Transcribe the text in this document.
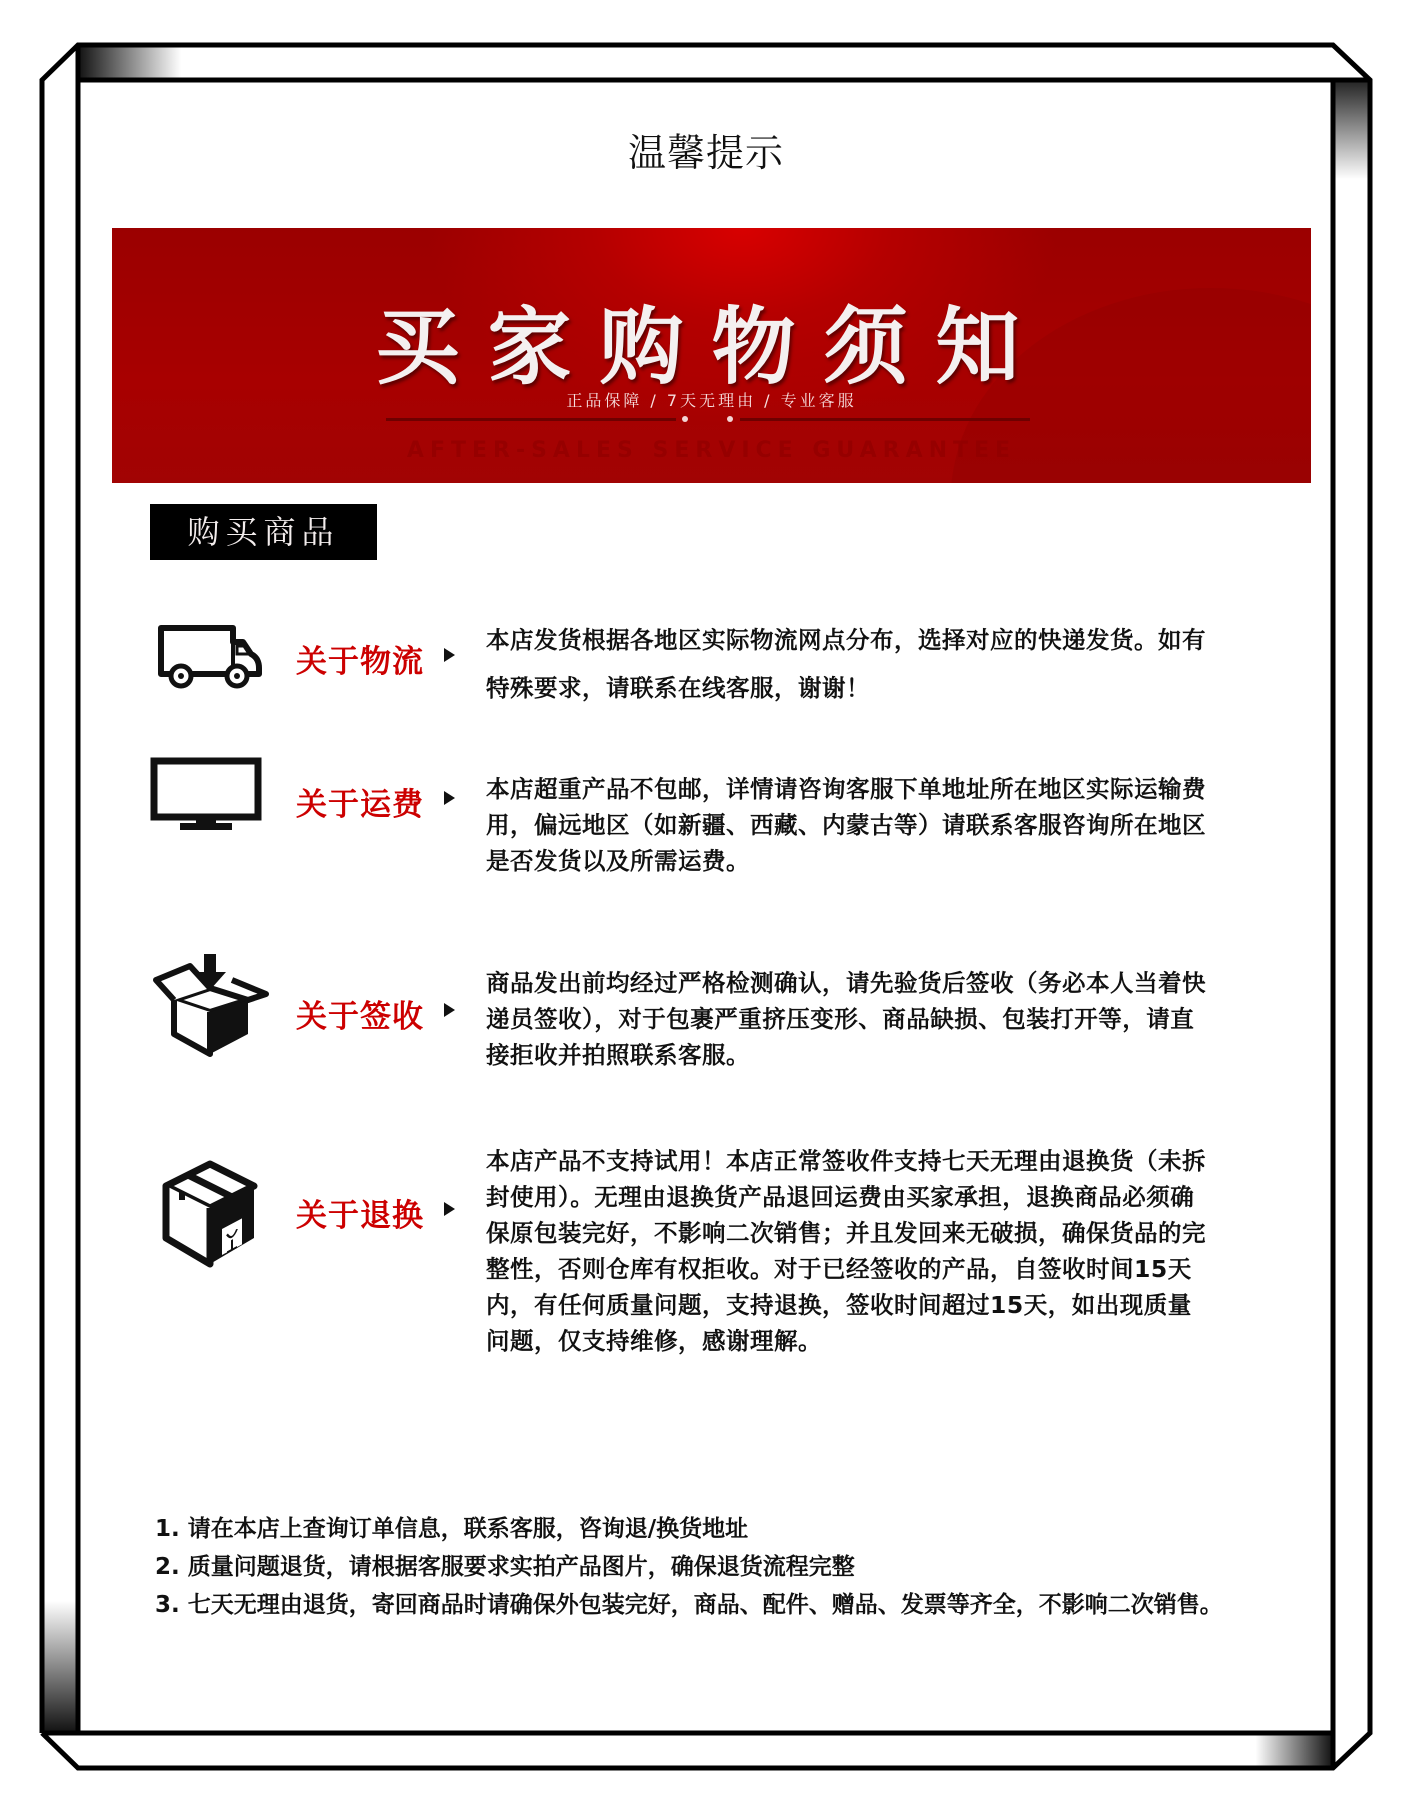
温馨提示
买家购物须知
正品保障 / 7天无理由 / 专业客服
AFTER-SALES SERVICE GUARANTEE
购买商品
关于物流
本店发货根据各地区实际物流网点分布，选择对应的快递发货。如有特殊要求，请联系在线客服，谢谢！
关于运费	本店超重产品不包邮，详情请咨询客服下单地址所在地区实际运输费用，偏远地区（如新疆、西藏、内蒙古等）请联系客服咨询所在地区是否发货以及所需运费。
关于签收
商品发出前均经过严格检测确认，请先验货后签收（务必本人当着快递员签收），对于包裹严重挤压变形、商品缺损、包装打开等，请直接拒收并拍照联系客服。
关于退换
本店产品不支持试用！本店正常签收件支持七天无理由退换货（未拆封使用）。无理由退换货产品退回运费由买家承担，退换商品必须确保原包装完好，不影响二次销售；并且发回来无破损，确保货品的完整性，否则仓库有权拒收。对于已经签收的产品，自签收时间15天内，有任何质量问题，支持退换，签收时间超过15天，如出现质量问题，仅支持维修，感谢理解。

1. 请在本店上查询订单信息，联系客服，咨询退/换货地址

2. 质量问题退货，请根据客服要求实拍产品图片，确保退货流程完整

3. 七天无理由退货，寄回商品时请确保外包装完好，商品、配件、赠品、发票等齐全，不影响二次销售。
